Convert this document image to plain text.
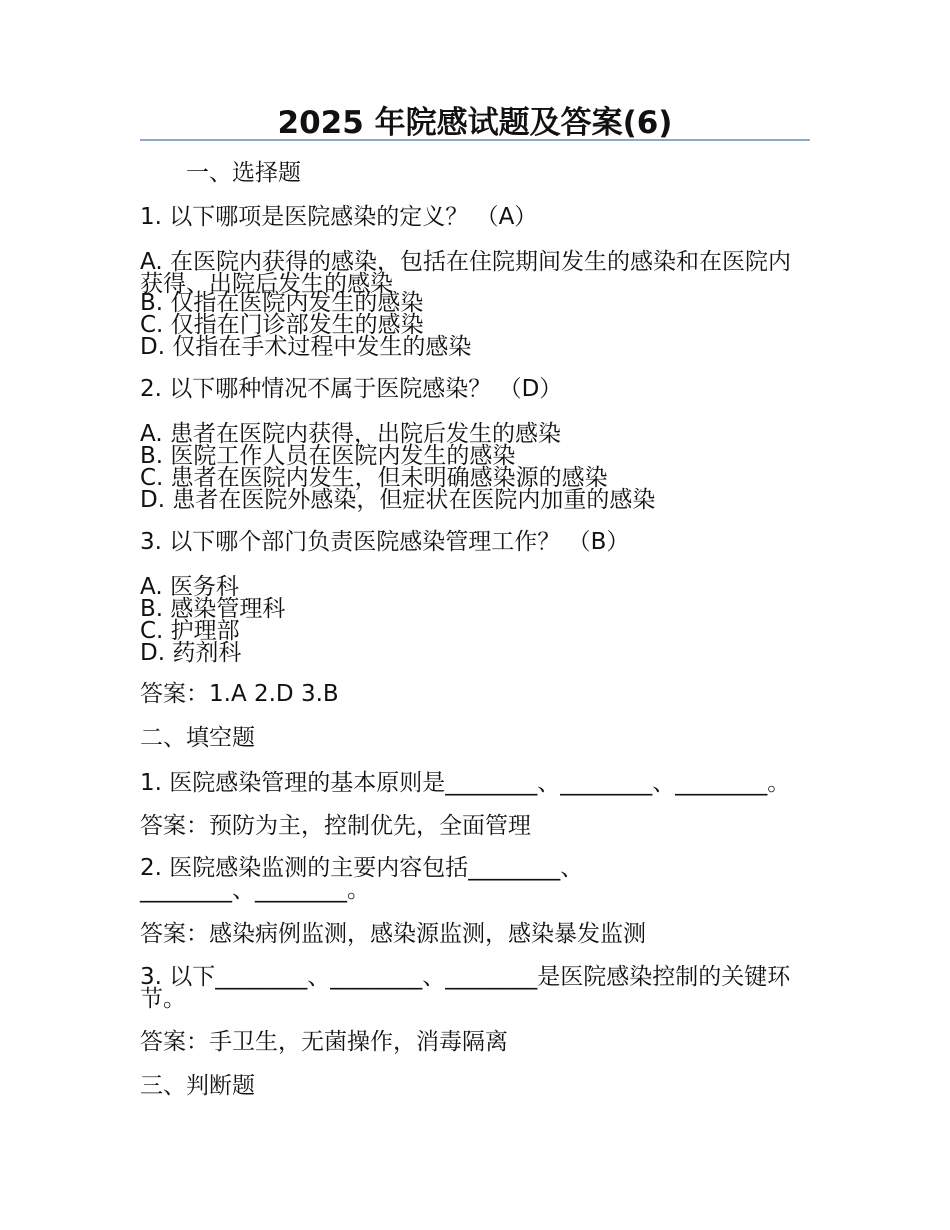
2025 年院感试题及答案(6)

一、选择题

1. 以下哪项是医院感染的定义？ （A）

A. 在医院内获得的感染，包括在住院期间发生的感染和在医院内获得、出院后发生的感染

B. 仅指在医院内发生的感染

C. 仅指在门诊部发生的感染

D. 仅指在手术过程中发生的感染

2. 以下哪种情况不属于医院感染？ （D）

A. 患者在医院内获得，出院后发生的感染

B. 医院工作人员在医院内发生的感染

C. 患者在医院内发生，但未明确感染源的感染

D. 患者在医院外感染，但症状在医院内加重的感染

3. 以下哪个部门负责医院感染管理工作？ （B）

A. 医务科

B. 感染管理科

C. 护理部

D. 药剂科

答案：1.A 2.D 3.B

二、填空题

1. 医院感染管理的基本原则是________、________、________。

答案：预防为主，控制优先，全面管理

2. 医院感染监测的主要内容包括________、________、________。

答案：感染病例监测，感染源监测，感染暴发监测

3. 以下________、________、________是医院感染控制的关键环节。

答案：手卫生，无菌操作，消毒隔离

三、判断题
